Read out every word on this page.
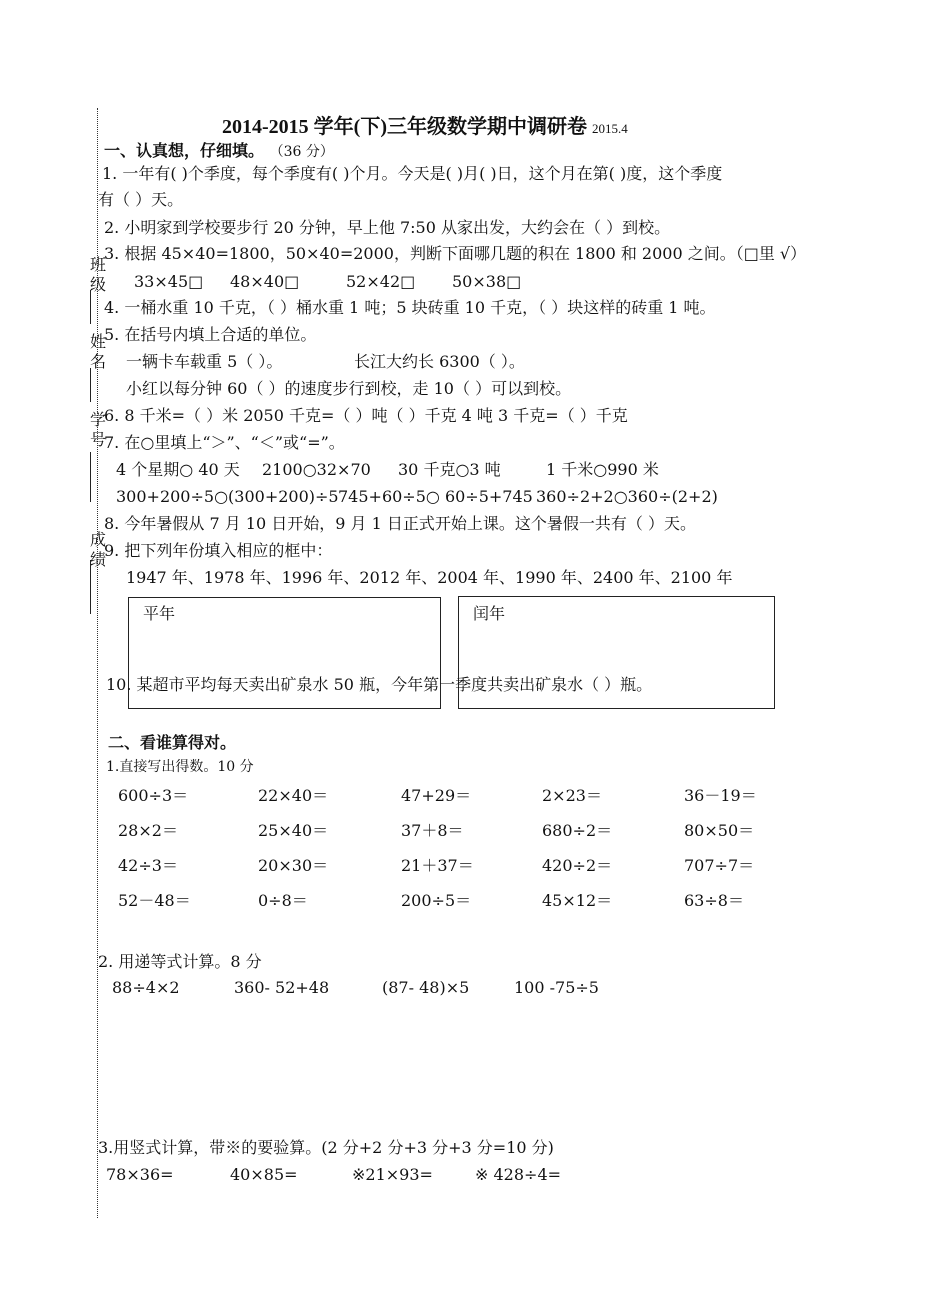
班
级
姓
名
学
号
成
绩
2014-2015 学年(下)三年级数学期中调研卷 2015.4
一、认真想，仔细填。 （36 分）
1. 一年有( )个季度，每个季度有( )个月。今天是( )月( )日，这个月在第( )度，这个季度
有（ ）天。
2. 小明家到学校要步行 20 分钟，早上他 7:50 从家出发，大约会在（ ）到校。
3. 根据 45×40=1800，50×40=2000，判断下面哪几题的积在 1800 和 2000 之间。（□里 √）
33×45□ 48×40□	52×42□ 50×38□
4. 一桶水重 10 千克，（ ）桶水重 1 吨；5 块砖重 10 千克，（ ）块这样的砖重 1 吨。
5. 在括号内填上合适的单位。
一辆卡车载重 5（ ）。	长江大约长 6300（ ）。
小红以每分钟 60（ ）的速度步行到校，走 10（ ）可以到校。
6. 8 千米=（ ）米 2050 千克=（ ）吨（ ）千克 4 吨 3 千克=（ ）千克
7. 在○里填上“＞”、“＜”或“=”。
4 个星期○ 40 天 2100○32×70 30 千克○3 吨	1 千米○990 米
300+200÷5○(300+200)÷5 745+60÷5○ 60÷5+745 360÷2+2○360÷(2+2)
8. 今年暑假从 7 月 10 日开始，9 月 1 日正式开始上课。这个暑假一共有（ ）天。
9. 把下列年份填入相应的框中：
1947 年、1978 年、1996 年、2012 年、2004 年、1990 年、2400 年、2100 年
平年	闰年
10. 某超市平均每天卖出矿泉水 50 瓶，今年第一季度共卖出矿泉水（ ）瓶。
二、看谁算得对。
1.直接写出得数。10 分
600÷3＝	22×40＝	47+29＝	2×23＝	36－19＝
28×2＝	25×40＝	37＋8＝	680÷2＝	80×50＝
42÷3＝	20×30＝	21＋37＝	420÷2＝	707÷7＝
52－48＝	0÷8＝	200÷5＝	45×12＝	63÷8＝
2. 用递等式计算。8 分
88÷4×2	360- 52+48	(87- 48)×5	100 -75÷5
3.用竖式计算，带※的要验算。(2 分+2 分+3 分+3 分=10 分)
78×36=	40×85=	※21×93=	※ 428÷4=
